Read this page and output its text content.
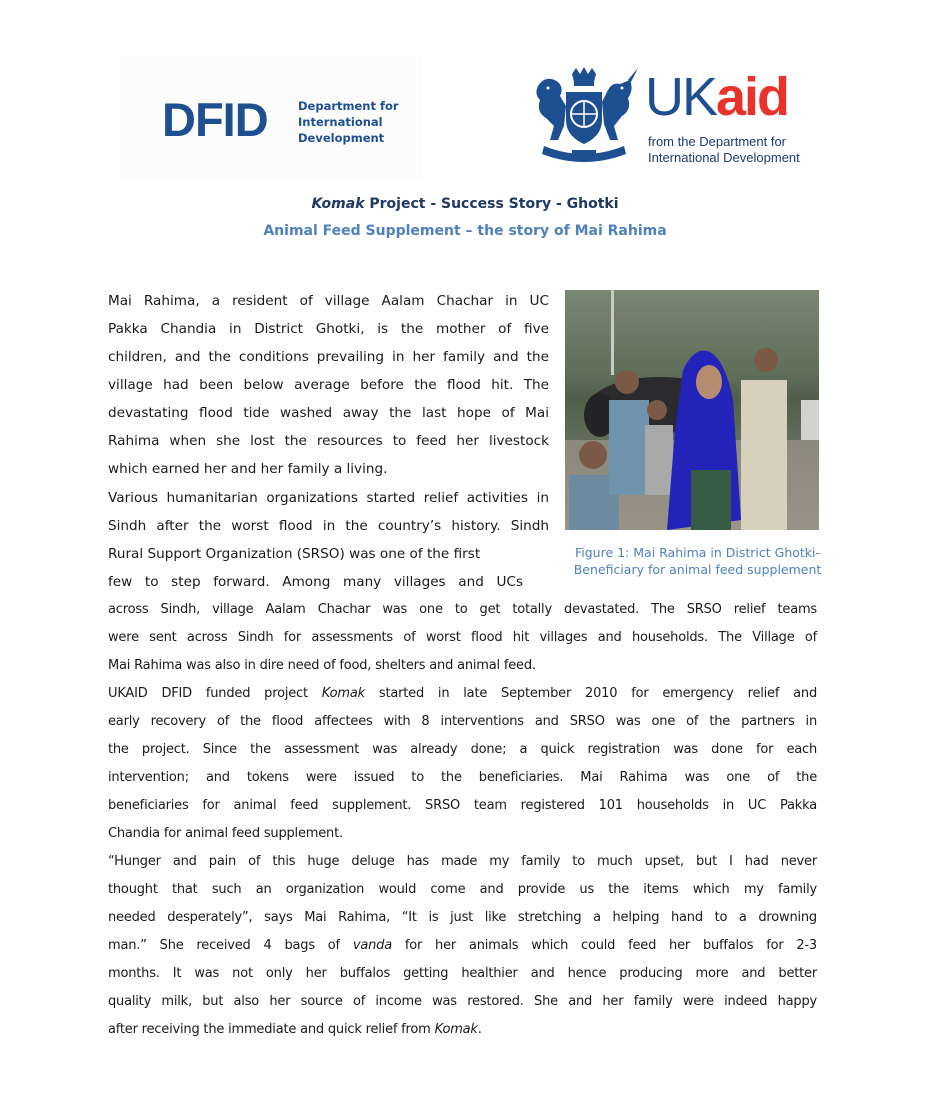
DFID	Department for
International
Development
UKaid
from the Department for
International Development
Komak Project - Success Story - Ghotki
Animal Feed Supplement – the story of Mai Rahima
Figure 1: Mai Rahima in District Ghotki-
Beneficiary for animal feed supplement
Mai Rahima, a resident of village Aalam Chachar in UC
Pakka Chandia in District Ghotki, is the mother of five
children, and the conditions prevailing in her family and the
village had been below average before the flood hit. The
devastating flood tide washed away the last hope of Mai
Rahima when she lost the resources to feed her livestock
which earned her and her family a living.
Various humanitarian organizations started relief activities in
Sindh after the worst flood in the country’s history. Sindh
Rural Support Organization (SRSO) was one of the first
few to step forward. Among many villages and UCs
across Sindh, village Aalam Chachar was one to get totally devastated. The SRSO relief teams
were sent across Sindh for assessments of worst flood hit villages and households. The Village of
Mai Rahima was also in dire need of food, shelters and animal feed.
UKAID DFID funded project Komak started in late September 2010 for emergency relief and
early recovery of the flood affectees with 8 interventions and SRSO was one of the partners in
the project. Since the assessment was already done; a quick registration was done for each
intervention; and tokens were issued to the beneficiaries. Mai Rahima was one of the
beneficiaries for animal feed supplement. SRSO team registered 101 households in UC Pakka
Chandia for animal feed supplement.
“Hunger and pain of this huge deluge has made my family to much upset, but I had never
thought that such an organization would come and provide us the items which my family
needed desperately”, says Mai Rahima, “It is just like stretching a helping hand to a drowning
man.” She received 4 bags of vanda for her animals which could feed her buffalos for 2-3
months. It was not only her buffalos getting healthier and hence producing more and better
quality milk, but also her source of income was restored. She and her family were indeed happy
after receiving the immediate and quick relief from Komak.
